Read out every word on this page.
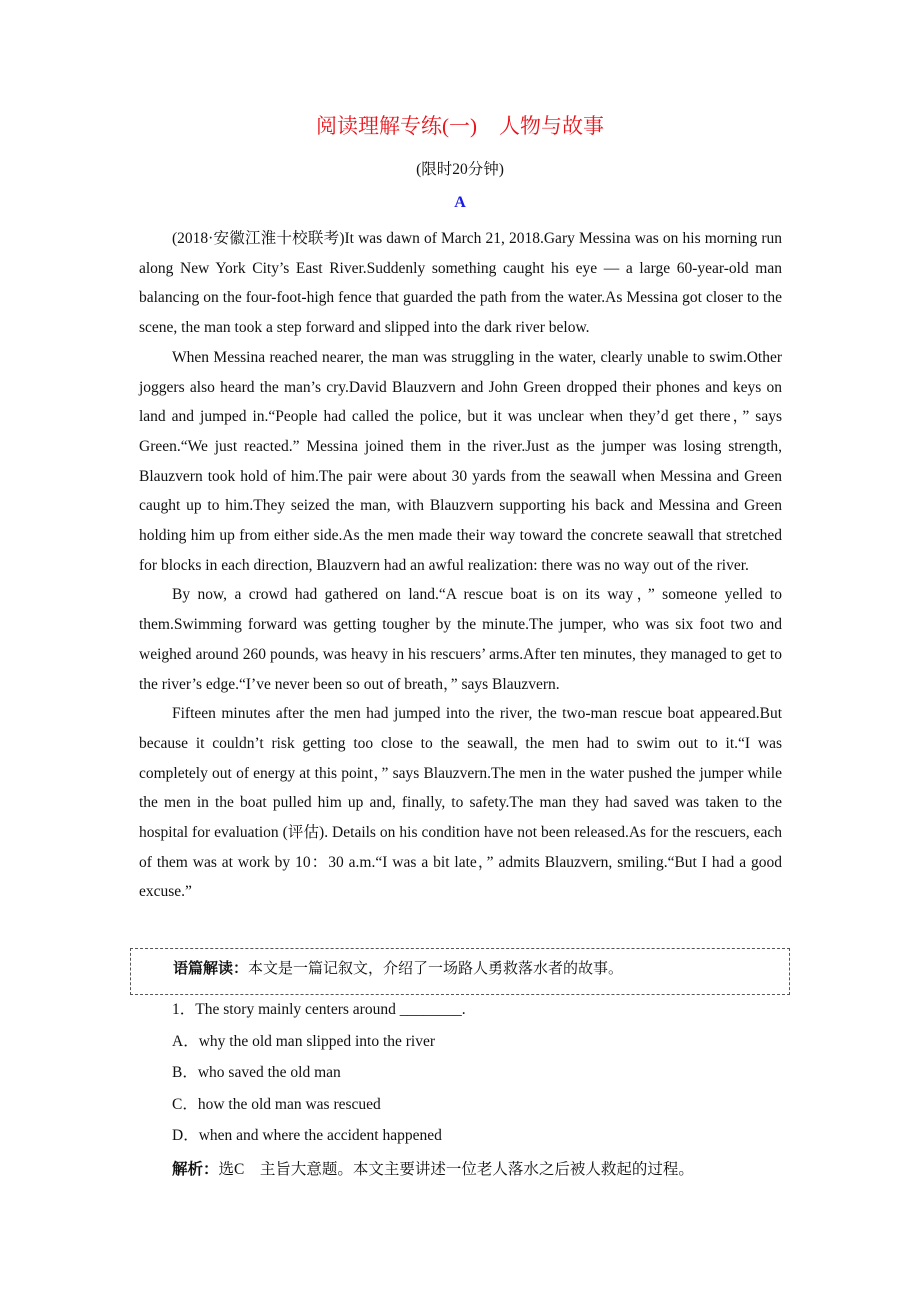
阅读理解专练(一) 人物与故事
(限时20分钟)
A

(2018·安徽江淮十校联考)It was dawn of March 21, 2018.Gary Messina was on his morning run along New York City’s East River.Suddenly something caught his eye — a large 60-year-old man balancing on the four-foot-high fence that guarded the path from the water.As Messina got closer to the scene, the man took a step forward and slipped into the dark river below.

When Messina reached nearer, the man was struggling in the water, clearly unable to swim.Other joggers also heard the man’s cry.David Blauzvern and John Green dropped their phones and keys on land and jumped in.“People had called the police, but it was unclear when they’d get there，” says Green.“We just reacted.” Messina joined them in the river.Just as the jumper was losing strength, Blauzvern took hold of him.The pair were about 30 yards from the seawall when Messina and Green caught up to him.They seized the man, with Blauzvern supporting his back and Messina and Green holding him up from either side.As the men made their way toward the concrete seawall that stretched for blocks in each direction, Blauzvern had an awful realization: there was no way out of the river.

By now, a crowd had gathered on land.“A rescue boat is on its way，” someone yelled to them.Swimming forward was getting tougher by the minute.The jumper, who was six foot two and weighed around 260 pounds, was heavy in his rescuers’ arms.After ten minutes, they managed to get to the river’s edge.“I’ve never been so out of breath，” says Blauzvern.

Fifteen minutes after the men had jumped into the river, the two-man rescue boat appeared.But because it couldn’t risk getting too close to the seawall, the men had to swim out to it.“I was completely out of energy at this point，” says Blauzvern.The men in the water pushed the jumper while the men in the boat pulled him up and, finally, to safety.The man they had saved was taken to the hospital for evaluation (评估). Details on his condition have not been released.As for the rescuers, each of them was at work by 10：30 a.m.“I was a bit late，” admits Blauzvern, smiling.“But I had a good excuse.”

语篇解读：本文是一篇记叙文，介绍了一场路人勇救落水者的故事。
1．The story mainly centers around ________.
A．why the old man slipped into the river
B．who saved the old man
C．how the old man was rescued
D．when and where the accident happened
解析：选C　主旨大意题。本文主要讲述一位老人落水之后被人救起的过程。
